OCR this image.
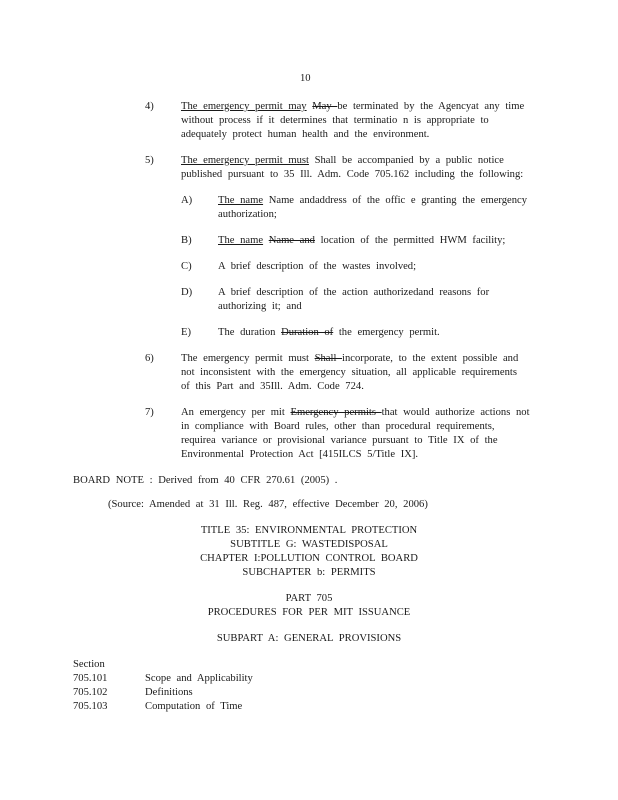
10
4)	The emergency permit may May be terminated by the Agencyat any time
without process if it determines that terminatio n is appropriate to
adequately protect human health and the environment.
5)	The emergency permit must Shall be accompanied by a public notice
published pursuant to 35 Ill. Adm. Code 705.162 including the following:
A)	The name Name andaddress of the offic e granting the emergency
authorization;
B)	The name Name and location of the permitted HWM facility;
C)	A brief description of the wastes involved;
D)	A brief description of the action authorizedand reasons for
authorizing it; and
E)	The duration Duration of the emergency permit.
6)	The emergency permit must Shall incorporate, to the extent possible and
not inconsistent with the emergency situation, all applicable requirements
of this Part and 35Ill. Adm. Code 724.
7)	An emergency per mit Emergency permits that would authorize actions not
in compliance with Board rules, other than procedural requirements,
requirea variance or provisional variance pursuant to Title IX of the
Environmental Protection Act [415ILCS 5/Title IX].
BOARD NOTE : Derived from 40 CFR 270.61 (2005) .
(Source: Amended at 31 Ill. Reg. 487, effective December 20, 2006)
TITLE 35: ENVIRONMENTAL PROTECTION
SUBTITLE G: WASTEDISPOSAL
CHAPTER I:POLLUTION CONTROL BOARD
SUBCHAPTER b: PERMITS
PART 705
PROCEDURES FOR PER MIT ISSUANCE
SUBPART A: GENERAL PROVISIONS
Section
705.101	Scope and Applicability
705.102	Definitions
705.103	Computation of Time
